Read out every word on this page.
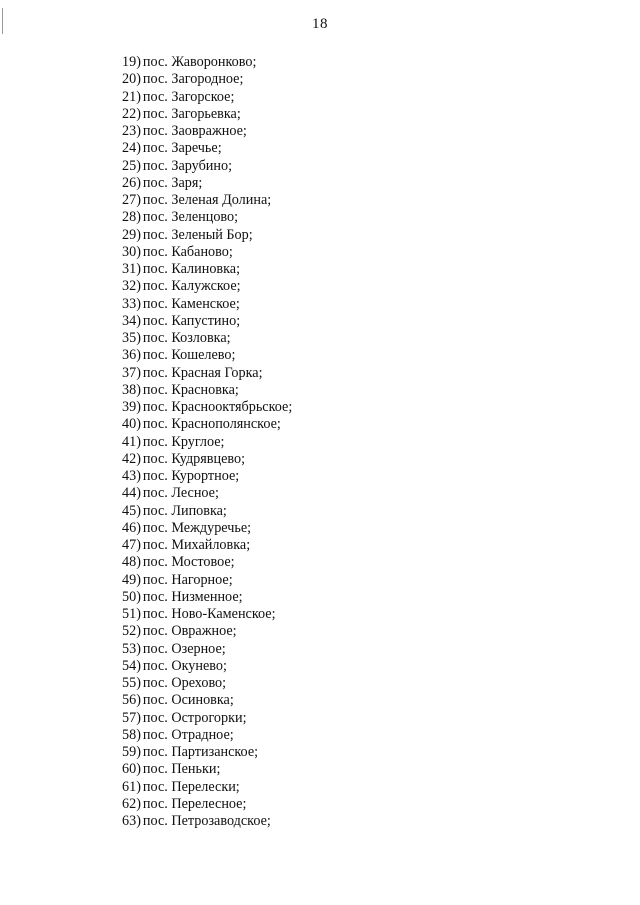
18
19) пос. Жаворонково;
20) пос. Загородное;
21) пос. Загорское;
22) пос. Загорьевка;
23) пос. Заовражное;
24) пос. Заречье;
25) пос. Зарубино;
26) пос. Заря;
27) пос. Зеленая Долина;
28) пос. Зеленцово;
29) пос. Зеленый Бор;
30) пос. Кабаново;
31) пос. Калиновка;
32) пос. Калужское;
33) пос. Каменское;
34) пос. Капустино;
35) пос. Козловка;
36) пос. Кошелево;
37) пос. Красная Горка;
38) пос. Красновка;
39) пос. Краснооктябрьское;
40) пос. Краснополянское;
41) пос. Круглое;
42) пос. Кудрявцево;
43) пос. Курортное;
44) пос. Лесное;
45) пос. Липовка;
46) пос. Междуречье;
47) пос. Михайловка;
48) пос. Мостовое;
49) пос. Нагорное;
50) пос. Низменное;
51) пос. Ново-Каменское;
52) пос. Овражное;
53) пос. Озерное;
54) пос. Окунево;
55) пос. Орехово;
56) пос. Осиновка;
57) пос. Острогорки;
58) пос. Отрадное;
59) пос. Партизанское;
60) пос. Пеньки;
61) пос. Перелески;
62) пос. Перелесное;
63) пос. Петрозаводское;
